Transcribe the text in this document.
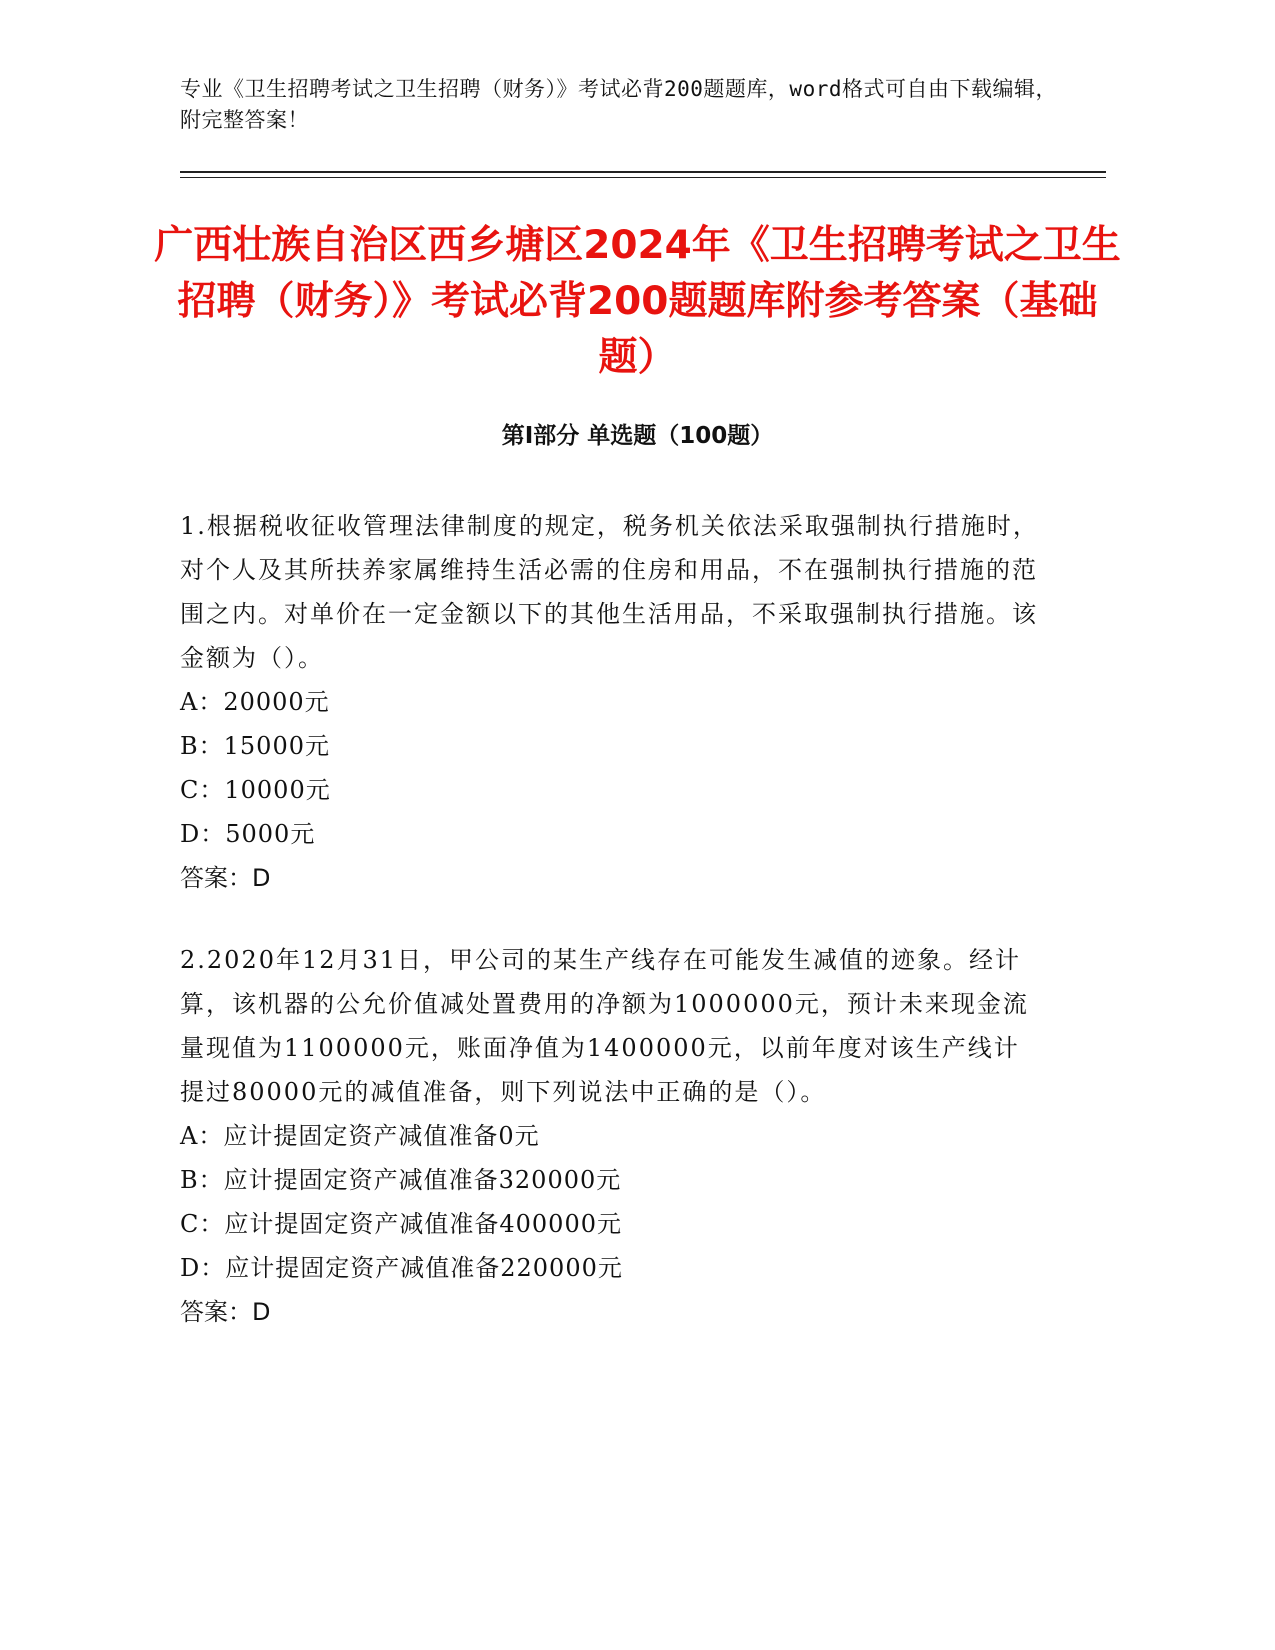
专业《卫生招聘考试之卫生招聘（财务）》考试必背200题题库，word格式可自由下载编辑，附完整答案！
广西壮族自治区西乡塘区2024年《卫生招聘考试之卫生招聘（财务）》考试必背200题题库附参考答案（基础题）
第I部分 单选题（100题）
1.根据税收征收管理法律制度的规定，税务机关依法采取强制执行措施时，对个人及其所扶养家属维持生活必需的住房和用品，不在强制执行措施的范围之内。对单价在一定金额以下的其他生活用品，不采取强制执行措施。该金额为（）。
A：20000元
B：15000元
C：10000元
D：5000元
答案：D
2.2020年12月31日，甲公司的某生产线存在可能发生减值的迹象。经计算，该机器的公允价值减处置费用的净额为1000000元，预计未来现金流量现值为1100000元，账面净值为1400000元，以前年度对该生产线计提过80000元的减值准备，则下列说法中正确的是（）。
A：应计提固定资产减值准备0元
B：应计提固定资产减值准备320000元
C：应计提固定资产减值准备400000元
D：应计提固定资产减值准备220000元
答案：D
